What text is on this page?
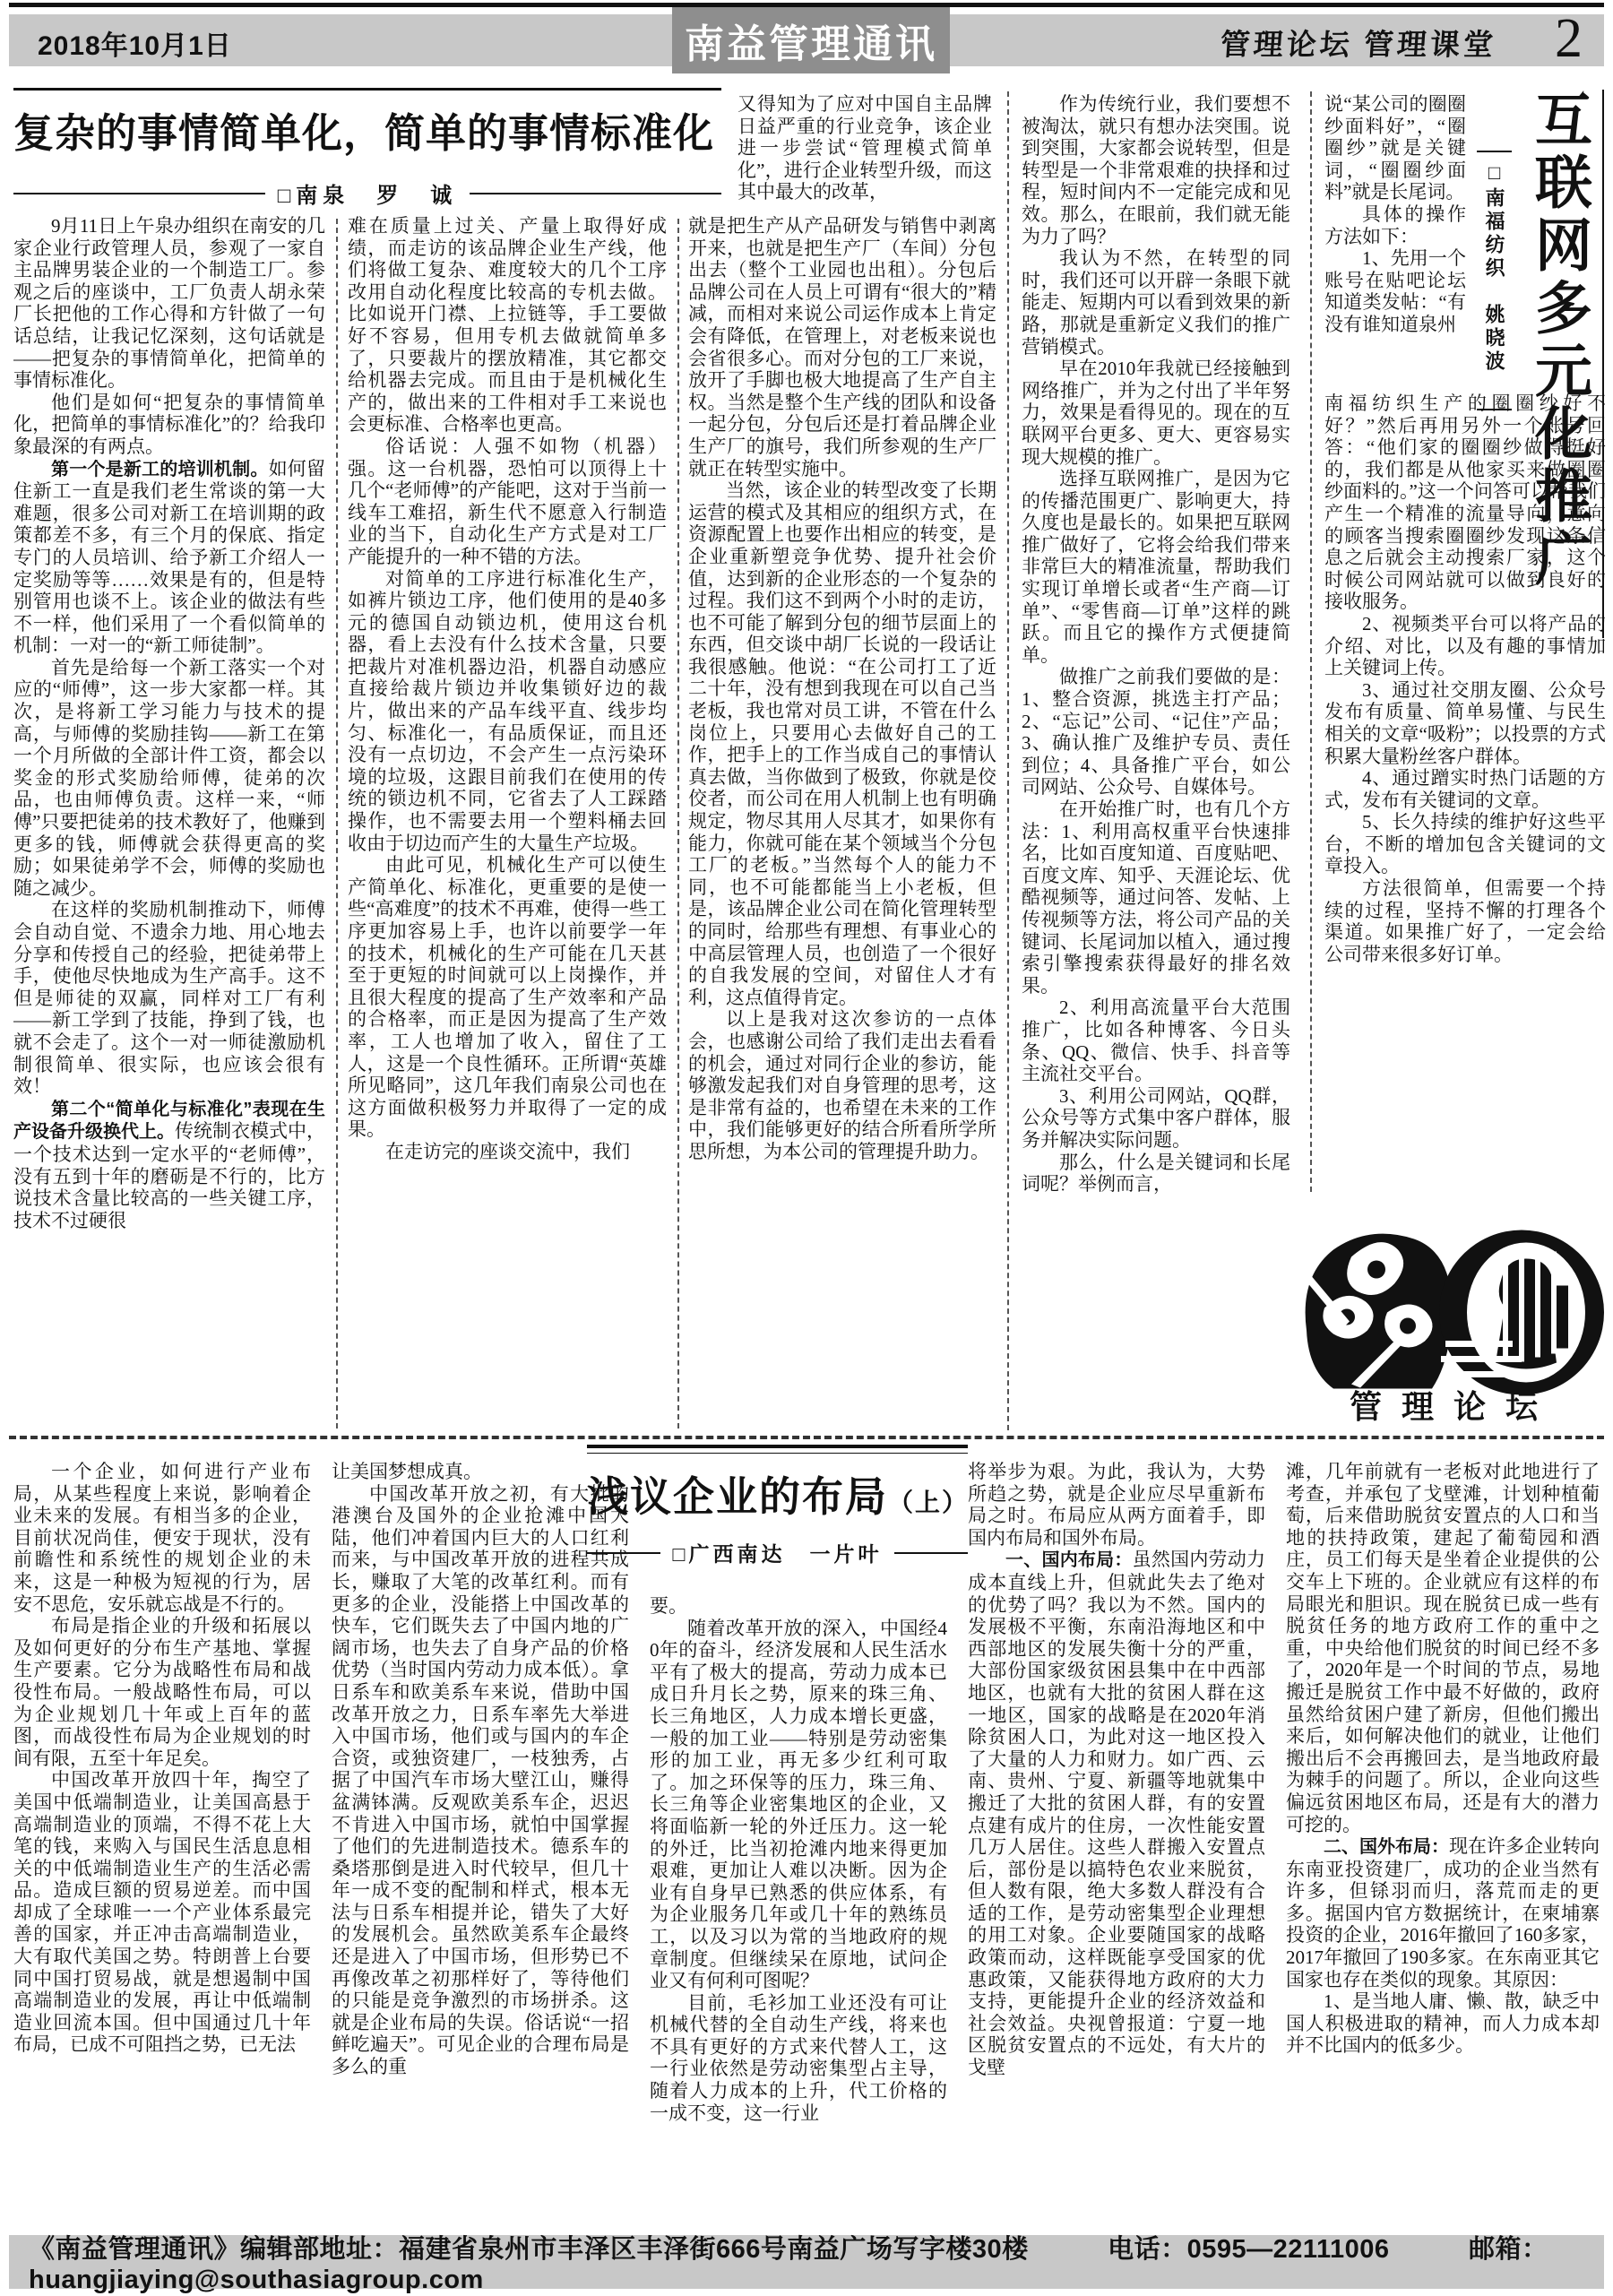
2018年10月1日	南益管理通讯	管理论坛 管理课堂 2
复杂的事情简单化，简单的事情标准化
□南泉　罗　诚

9月11日上午泉办组织在南安的几家企业行政管理人员，参观了一家自主品牌男装企业的一个制造工厂。参观之后的座谈中，工厂负责人胡永荣厂长把他的工作心得和方针做了一句话总结，让我记忆深刻，这句话就是——把复杂的事情简单化，把简单的事情标准化。

他们是如何“把复杂的事情简单化，把简单的事情标准化”的？给我印象最深的有两点。

第一个是新工的培训机制。如何留住新工一直是我们老生常谈的第一大难题，很多公司对新工在培训期的政策都差不多，有三个月的保底、指定专门的人员培训、给予新工介绍人一定奖励等等……效果是有的，但是特别管用也谈不上。该企业的做法有些不一样，他们采用了一个看似简单的机制：一对一的“新工师徒制”。

首先是给每一个新工落实一个对应的“师傅”，这一步大家都一样。其次，是将新工学习能力与技术的提高，与师傅的奖励挂钩——新工在第一个月所做的全部计件工资，都会以奖金的形式奖励给师傅，徒弟的次品，也由师傅负责。这样一来，“师傅”只要把徒弟的技术教好了，他赚到更多的钱，师傅就会获得更高的奖励；如果徒弟学不会，师傅的奖励也随之减少。

在这样的奖励机制推动下，师傅会自动自觉、不遗余力地、用心地去分享和传授自己的经验，把徒弟带上手，使他尽快地成为生产高手。这不但是师徒的双赢，同样对工厂有利——新工学到了技能，挣到了钱，也就不会走了。这个一对一师徒激励机制很简单、很实际，也应该会很有效！

第二个“简单化与标准化”表现在生产设备升级换代上。传统制衣模式中，一个技术达到一定水平的“老师傅”，没有五到十年的磨砺是不行的，比方说技术含量比较高的一些关键工序，技术不过硬很

难在质量上过关、产量上取得好成绩，而走访的该品牌企业生产线，他们将做工复杂、难度较大的几个工序改用自动化程度比较高的专机去做。比如说开门襟、上拉链等，手工要做好不容易，但用专机去做就简单多了，只要裁片的摆放精准，其它都交给机器去完成。而且由于是机械化生产的，做出来的工件相对手工来说也会更标准、合格率也更高。

俗话说：人强不如物（机器）强。这一台机器，恐怕可以顶得上十几个“老师傅”的产能吧，这对于当前一线车工难招，新生代不愿意入行制造业的当下，自动化生产方式是对工厂产能提升的一种不错的方法。

对简单的工序进行标准化生产，如裤片锁边工序，他们使用的是40多元的德国自动锁边机，使用这台机器，看上去没有什么技术含量，只要把裁片对准机器边沿，机器自动感应直接给裁片锁边并收集锁好边的裁片，做出来的产品车线平直、线步均匀、标准化一，有品质保证，而且还没有一点切边，不会产生一点污染环境的垃圾，这跟目前我们在使用的传统的锁边机不同，它省去了人工踩踏操作，也不需要去用一个塑料桶去回收由于切边而产生的大量生产垃圾。

由此可见，机械化生产可以使生产简单化、标准化，更重要的是使一些“高难度”的技术不再难，使得一些工序更加容易上手，也许以前要学一年的技术，机械化的生产可能在几天甚至于更短的时间就可以上岗操作，并且很大程度的提高了生产效率和产品的合格率，而正是因为提高了生产效率，工人也增加了收入，留住了工人，这是一个良性循环。正所谓“英雄所见略同”，这几年我们南泉公司也在这方面做积极努力并取得了一定的成果。

在走访完的座谈交流中，我们

又得知为了应对中国自主品牌日益严重的行业竞争，该企业进一步尝试“管理模式简单化”，进行企业转型升级，而这其中最大的改革，

就是把生产从产品研发与销售中剥离开来，也就是把生产厂（车间）分包出去（整个工业园也出租）。分包后品牌公司在人员上可谓有“很大的”精减，而相对来说公司运作成本上肯定会有降低，在管理上，对老板来说也会省很多心。而对分包的工厂来说，放开了手脚也极大地提高了生产自主权。当然是整个生产线的团队和设备一起分包，分包后还是打着品牌企业生产厂的旗号，我们所参观的生产厂就正在转型实施中。

当然，该企业的转型改变了长期运营的模式及其相应的组织方式，在资源配置上也要作出相应的转变，是企业重新塑竞争优势、提升社会价值，达到新的企业形态的一个复杂的过程。我们这不到两个小时的走访，也不可能了解到分包的细节层面上的东西，但交谈中胡厂长说的一段话让我很感触。他说：“在公司打工了近二十年，没有想到我现在可以自己当老板，我也常对员工讲，不管在什么岗位上，只要用心去做好自己的工作，把手上的工作当成自己的事情认真去做，当你做到了极致，你就是佼佼者，而公司在用人机制上也有明确规定，物尽其用人尽其才，如果你有能力，你就可能在某个领域当个分包工厂的老板。”当然每个人的能力不同，也不可能都能当上小老板，但是，该品牌企业公司在简化管理转型的同时，给那些有理想、有事业心的中高层管理人员，也创造了一个很好的自我发展的空间，对留住人才有利，这点值得肯定。

以上是我对这次参访的一点体会，也感谢公司给了我们走出去看看的机会，通过对同行企业的参访，能够激发起我们对自身管理的思考，这是非常有益的，也希望在未来的工作中，我们能够更好的结合所看所学所思所想，为本公司的管理提升助力。

作为传统行业，我们要想不被淘汰，就只有想办法突围。说到突围，大家都会说转型，但是转型是一个非常艰难的抉择和过程，短时间内不一定能完成和见效。那么，在眼前，我们就无能为力了吗？

我认为不然，在转型的同时，我们还可以开辟一条眼下就能走、短期内可以看到效果的新路，那就是重新定义我们的推广营销模式。

早在2010年我就已经接触到网络推广，并为之付出了半年努力，效果是看得见的。现在的互联网平台更多、更大、更容易实现大规模的推广。

选择互联网推广，是因为它的传播范围更广、影响更大，持久度也是最长的。如果把互联网推广做好了，它将会给我们带来非常巨大的精准流量，帮助我们实现订单增长或者“生产商—订单”、“零售商—订单”这样的跳跃。而且它的操作方式便捷简单。

做推广之前我们要做的是：1、整合资源，挑选主打产品；2、“忘记”公司、“记住”产品；3、确认推广及维护专员、责任到位；4、具备推广平台，如公司网站、公众号、自媒体号。

在开始推广时，也有几个方法：1、利用高权重平台快速排名，比如百度知道、百度贴吧、百度文库、知乎、天涯论坛、优酷视频等，通过问答、发帖、上传视频等方法，将公司产品的关键词、长尾词加以植入，通过搜索引擎搜索获得最好的排名效果。

2、利用高流量平台大范围推广，比如各种博客、今日头条、QQ、微信、快手、抖音等主流社交平台。

3、利用公司网站，QQ群，公众号等方式集中客户群体，服务并解决实际问题。

那么，什么是关键词和长尾词呢？举例而言，

说“某公司的圈圈纱面料好”，“圈圈纱”就是关键词，“圈圈纱面料”就是长尾词。

具体的操作方法如下：

1、先用一个账号在贴吧论坛知道类发帖：“有没有谁知道泉州	□南福纺织　姚晓波 互联网多元化推广

南福纺织生产的圈圈纱好不好？”然后再用另外一个账号回答：“他们家的圈圈纱做得挺好的，我们都是从他家买来做圈圈纱面料的。”这一个问答可以帮我们产生一个精准的流量导向，意向的顾客当搜索圈圈纱发现这条信息之后就会主动搜索厂家，这个时候公司网站就可以做到良好的接收服务。

2、视频类平台可以将产品的介绍、对比，以及有趣的事情加上关键词上传。

3、通过社交朋友圈、公众号发布有质量、简单易懂、与民生相关的文章“吸粉”；以投票的方式积累大量粉丝客户群体。

4、通过蹭实时热门话题的方式，发布有关键词的文章。

5、长久持续的维护好这些平台，不断的增加包含关键词的文章投入。

方法很简单，但需要一个持续的过程，坚持不懈的打理各个渠道。如果推广好了，一定会给公司带来很多好订单。

管理论坛
浅议企业的布局（上）
□广西南达　一片叶

一个企业，如何进行产业布局，从某些程度上来说，影响着企业未来的发展。有相当多的企业，目前状况尚佳，便安于现状，没有前瞻性和系统性的规划企业的未来，这是一种极为短视的行为，居安不思危，安乐就忘战是不行的。

布局是指企业的升级和拓展以及如何更好的分布生产基地、掌握生产要素。它分为战略性布局和战役性布局。一般战略性布局，可以为企业规划几十年或上百年的蓝图，而战役性布局为企业规划的时间有限，五至十年足矣。

中国改革开放四十年，掏空了美国中低端制造业，让美国高悬于高端制造业的顶端，不得不花上大笔的钱，来购入与国民生活息息相关的中低端制造业生产的生活必需品。造成巨额的贸易逆差。而中国却成了全球唯一一个产业体系最完善的国家，并正冲击高端制造业，大有取代美国之势。特朗普上台要同中国打贸易战，就是想遏制中国高端制造业的发展，再让中低端制造业回流本国。但中国通过几十年布局，已成不可阻挡之势，已无法

让美国梦想成真。

中国改革开放之初，有大批的港澳台及国外的企业抢滩中国大陆，他们冲着国内巨大的人口红利而来，与中国改革开放的进程共成长，赚取了大笔的改革红利。而有更多的企业，没能搭上中国改革的快车，它们既失去了中国内地的广阔市场，也失去了自身产品的价格优势（当时国内劳动力成本低）。拿日系车和欧美系车来说，借助中国改革开放之力，日系车率先大举进入中国市场，他们或与国内的车企合资，或独资建厂，一枝独秀，占据了中国汽车市场大壁江山，赚得盆满钵满。反观欧美系车企，迟迟不肯进入中国市场，就怕中国掌握了他们的先进制造技术。德系车的桑塔那倒是进入时代较早，但几十年一成不变的配制和样式，根本无法与日系车相提并论，错失了大好的发展机会。虽然欧美系车企最终还是进入了中国市场，但形势已不再像改革之初那样好了，等待他们的只能是竞争激烈的市场拼杀。这就是企业布局的失误。俗话说“一招鲜吃遍天”。可见企业的合理布局是多么的重

要。

随着改革开放的深入，中国经40年的奋斗，经济发展和人民生活水平有了极大的提高，劳动力成本已成日升月长之势，原来的珠三角、长三角地区，人力成本增长更盛，一般的加工业——特别是劳动密集形的加工业，再无多少红利可取了。加之环保等的压力，珠三角、长三角等企业密集地区的企业，又将面临新一轮的外迁压力。这一轮的外迁，比当初抢滩内地来得更加艰难，更加让人难以决断。因为企业有自身早已熟悉的供应体系，有为企业服务几年或几十年的熟练员工，以及习以为常的当地政府的规章制度。但继续呆在原地，试问企业又有何利可图呢？

目前，毛衫加工业还没有可让机械代替的全自动生产线，将来也不具有更好的方式来代替人工，这一行业依然是劳动密集型占主导，随着人力成本的上升，代工价格的一成不变，这一行业

将举步为艰。为此，我认为，大势所趋之势，就是企业应尽早重新布局之时。布局应从两方面着手，即国内布局和国外布局。

一、国内布局：虽然国内劳动力成本直线上升，但就此失去了绝对的优势了吗？我以为不然。国内的发展极不平衡，东南沿海地区和中西部地区的发展失衡十分的严重，大部份国家级贫困县集中在中西部地区，也就有大批的贫困人群在这一地区，国家的战略是在2020年消除贫困人口，为此对这一地区投入了大量的人力和财力。如广西、云南、贵州、宁夏、新疆等地就集中搬迁了大批的贫困人群，有的安置点建有成片的住房，一次性能安置几万人居住。这些人群搬入安置点后，部份是以搞特色农业来脱贫，但人数有限，绝大多数人群没有合适的工作，是劳动密集型企业理想的用工对象。企业要随国家的战略政策而动，这样既能享受国家的优惠政策，又能获得地方政府的大力支持，更能提升企业的经济效益和社会效益。央视曾报道：宁夏一地区脱贫安置点的不远处，有大片的戈壁

滩，几年前就有一老板对此地进行了考查，并承包了戈壁滩，计划种植葡萄，后来借助脱贫安置点的人口和当地的扶持政策，建起了葡萄园和酒庄，员工们每天是坐着企业提供的公交车上下班的。企业就应有这样的布局眼光和胆识。现在脱贫已成一些有脱贫任务的地方政府工作的重中之重，中央给他们脱贫的时间已经不多了，2020年是一个时间的节点，易地搬迁是脱贫工作中最不好做的，政府虽然给贫困户建了新房，但他们搬出来后，如何解决他们的就业，让他们搬出后不会再搬回去，是当地政府最为棘手的问题了。所以，企业向这些偏远贫困地区布局，还是有大的潜力可挖的。

二、国外布局：现在许多企业转向东南亚投资建厂，成功的企业当然有许多，但铩羽而归，落荒而走的更多。据国内官方数据统计，在柬埔寨投资的企业，2016年撤回了160多家，2017年撤回了190多家。在东南亚其它国家也存在类似的现象。其原因：

1、是当地人庸、懒、散，缺乏中国人积极进取的精神，而人力成本却并不比国内的低多少。

《南益管理通讯》编辑部地址：福建省泉州市丰泽区丰泽街666号南益广场写字楼30楼　　　电话：0595—22111006　　　邮箱：huangjiaying@southasiagroup.com
